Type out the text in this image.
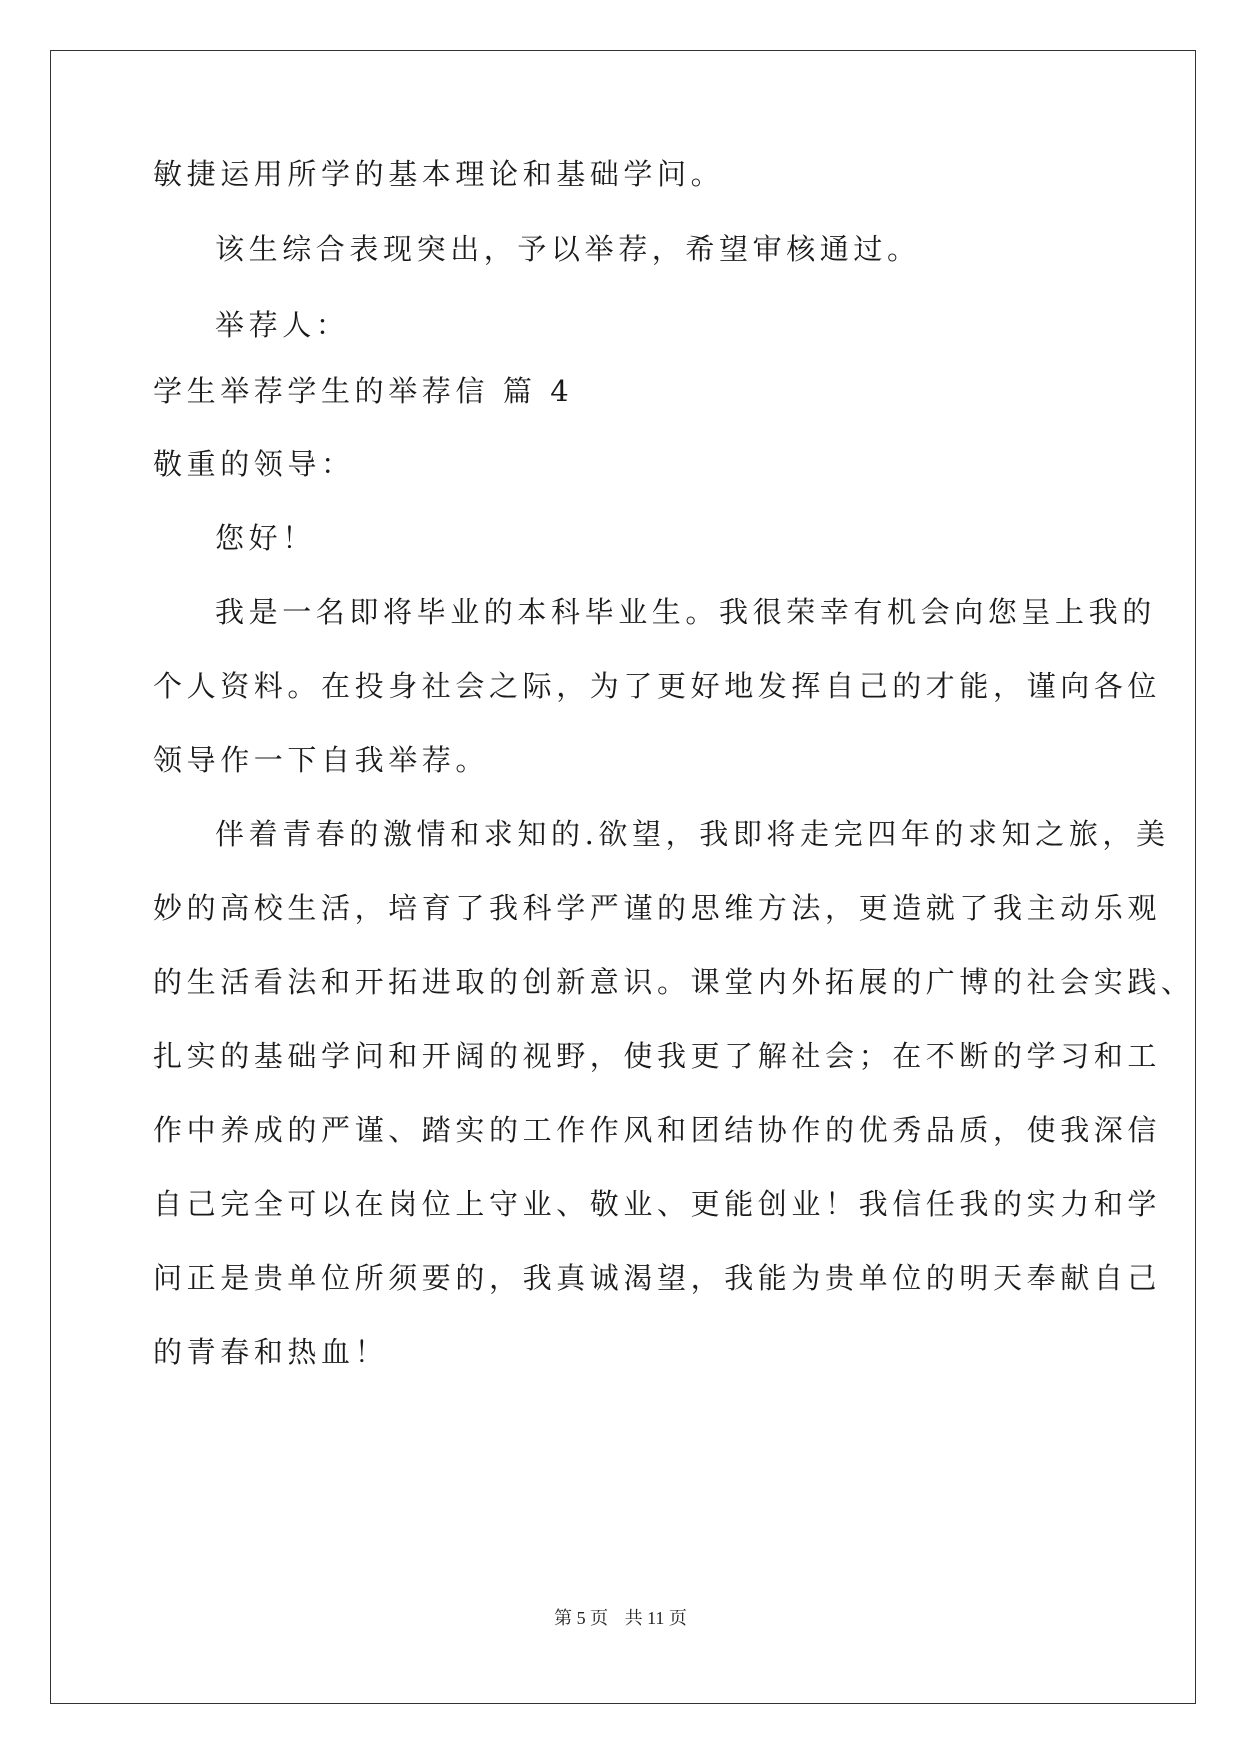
敏捷运用所学的基本理论和基础学问。
该生综合表现突出，予以举荐，希望审核通过。
举荐人：
学生举荐学生的举荐信 篇 4
敬重的领导：
您好！
我是一名即将毕业的本科毕业生。我很荣幸有机会向您呈上我的
个人资料。在投身社会之际，为了更好地发挥自己的才能，谨向各位
领导作一下自我举荐。
伴着青春的激情和求知的.欲望，我即将走完四年的求知之旅，美
妙的高校生活，培育了我科学严谨的思维方法，更造就了我主动乐观
的生活看法和开拓进取的创新意识。课堂内外拓展的广博的社会实践、
扎实的基础学问和开阔的视野，使我更了解社会；在不断的学习和工
作中养成的严谨、踏实的工作作风和团结协作的优秀品质，使我深信
自己完全可以在岗位上守业、敬业、更能创业！我信任我的实力和学
问正是贵单位所须要的，我真诚渴望，我能为贵单位的明天奉献自己
的青春和热血！
第 5 页 共 11 页
